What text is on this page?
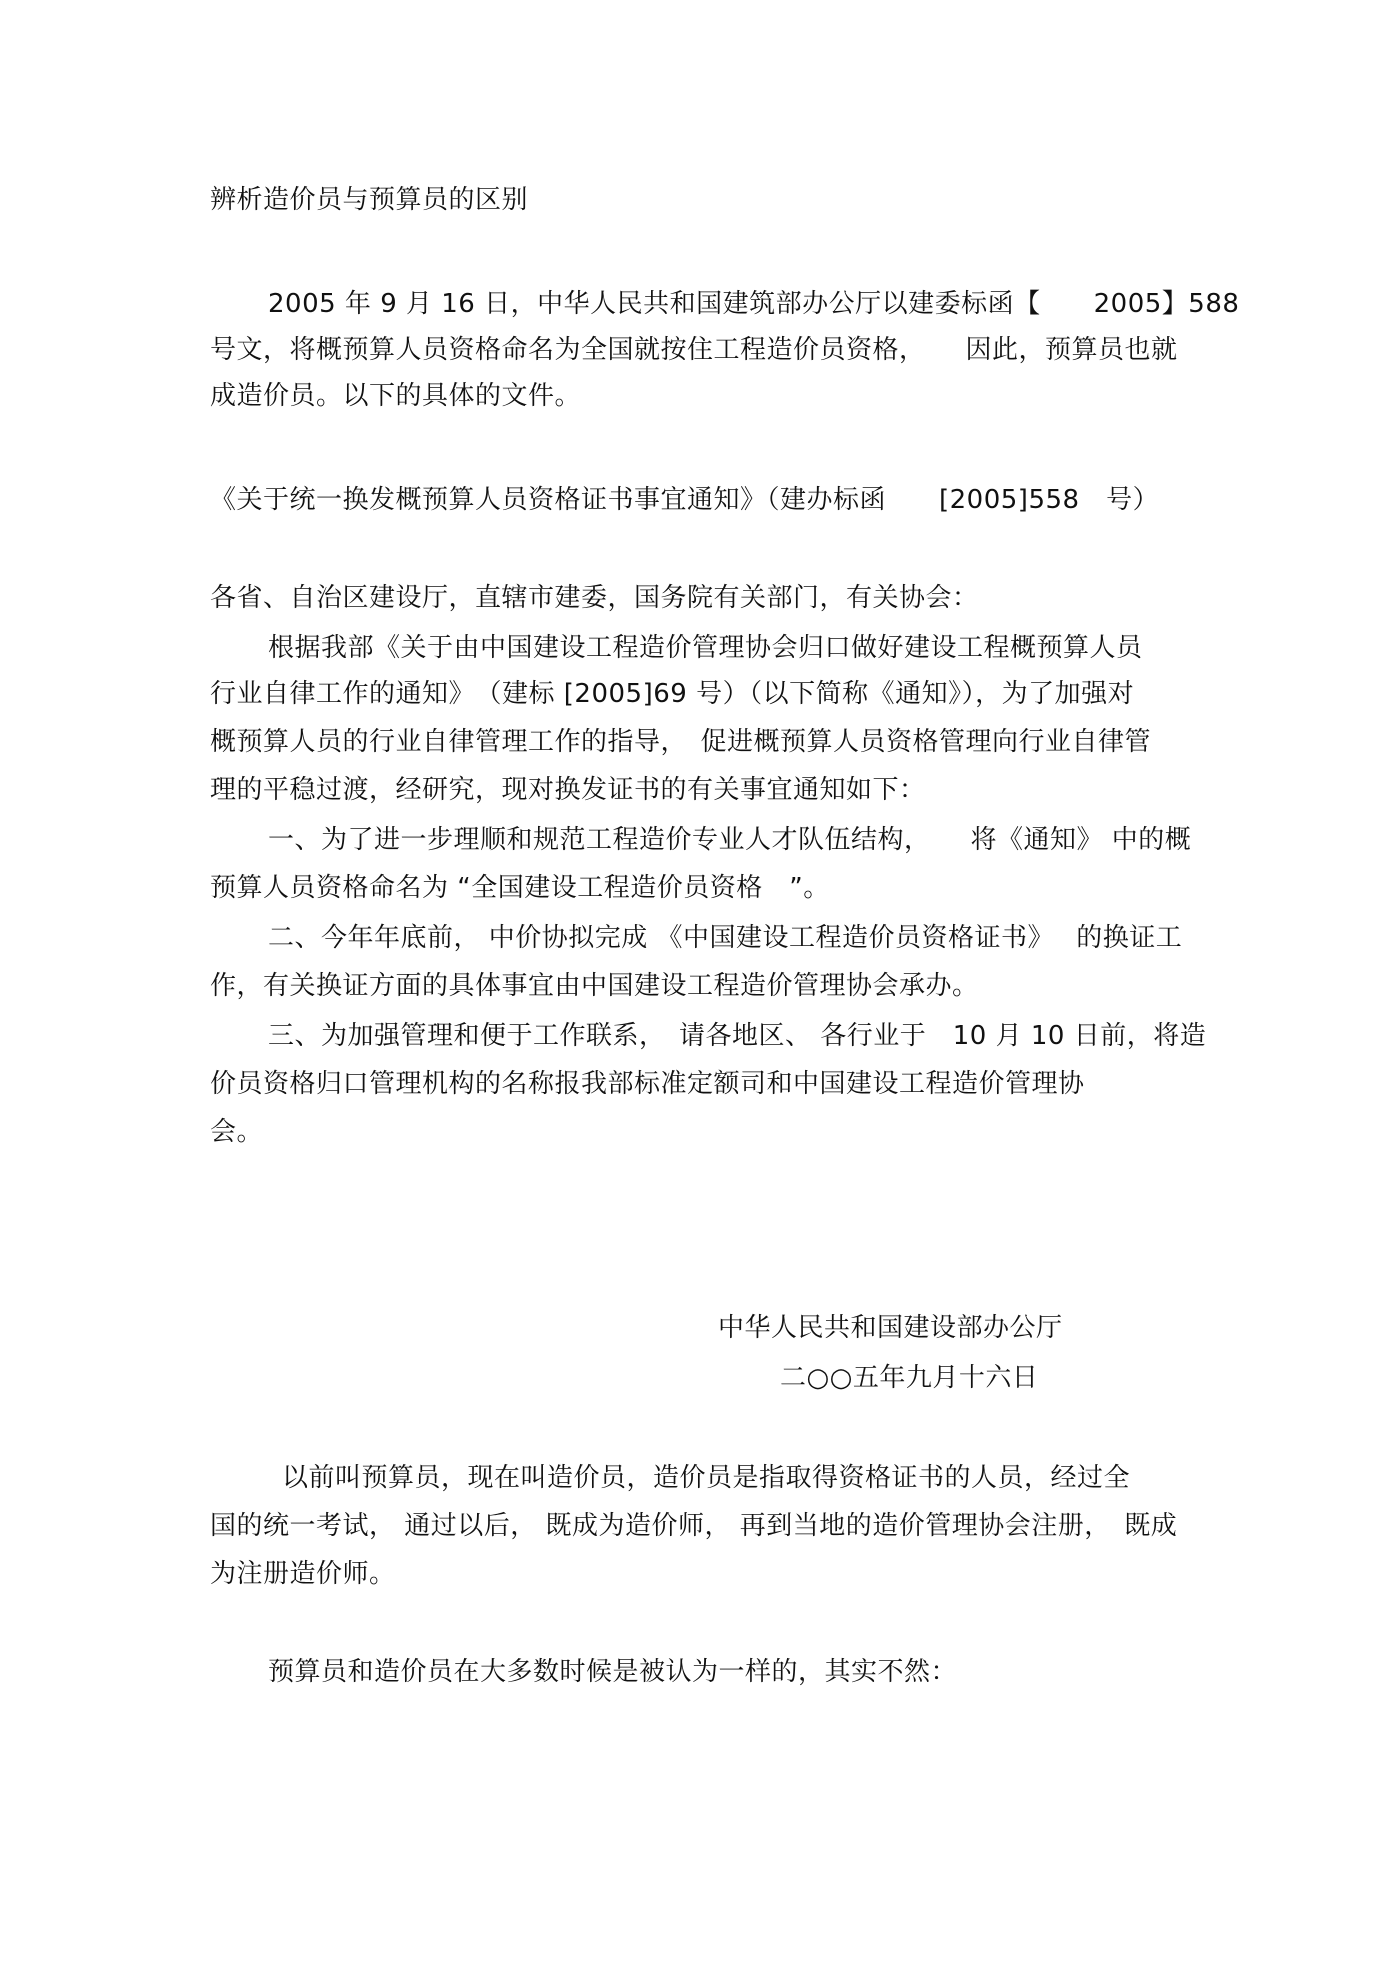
辨析造价员与预算员的区别
2005 年 9 月 16 日，中华人民共和国建筑部办公厅以建委标函【　　2005】588
号文，将概预算人员资格命名为全国就按住工程造价员资格，　　因此，预算员也就
成造价员。以下的具体的文件。
《关于统一换发概预算人员资格证书事宜通知》（建办标函　　[2005]558　号）
各省、自治区建设厅，直辖市建委，国务院有关部门，有关协会：
根据我部《关于由中国建设工程造价管理协会归口做好建设工程概预算人员
行业自律工作的通知》　（建标 [2005]69 号）（以下简称《通知》），为了加强对
概预算人员的行业自律管理工作的指导，　促进概预算人员资格管理向行业自律管
理的平稳过渡，经研究，现对换发证书的有关事宜通知如下：
一、为了进一步理顺和规范工程造价专业人才队伍结构，　　将《通知》 中的概
预算人员资格命名为 “全国建设工程造价员资格　”。
二、今年年底前， 中价协拟完成 《中国建设工程造价员资格证书》　 的换证工
作，有关换证方面的具体事宜由中国建设工程造价管理协会承办。
三、为加强管理和便于工作联系，　请各地区、 各行业于　10 月 10 日前，将造
价员资格归口管理机构的名称报我部标准定额司和中国建设工程造价管理协
会。
中华人民共和国建设部办公厅
二○○五年九月十六日
以前叫预算员，现在叫造价员，造价员是指取得资格证书的人员，经过全
国的统一考试， 通过以后， 既成为造价师， 再到当地的造价管理协会注册，　既成
为注册造价师。
预算员和造价员在大多数时候是被认为一样的，其实不然：
